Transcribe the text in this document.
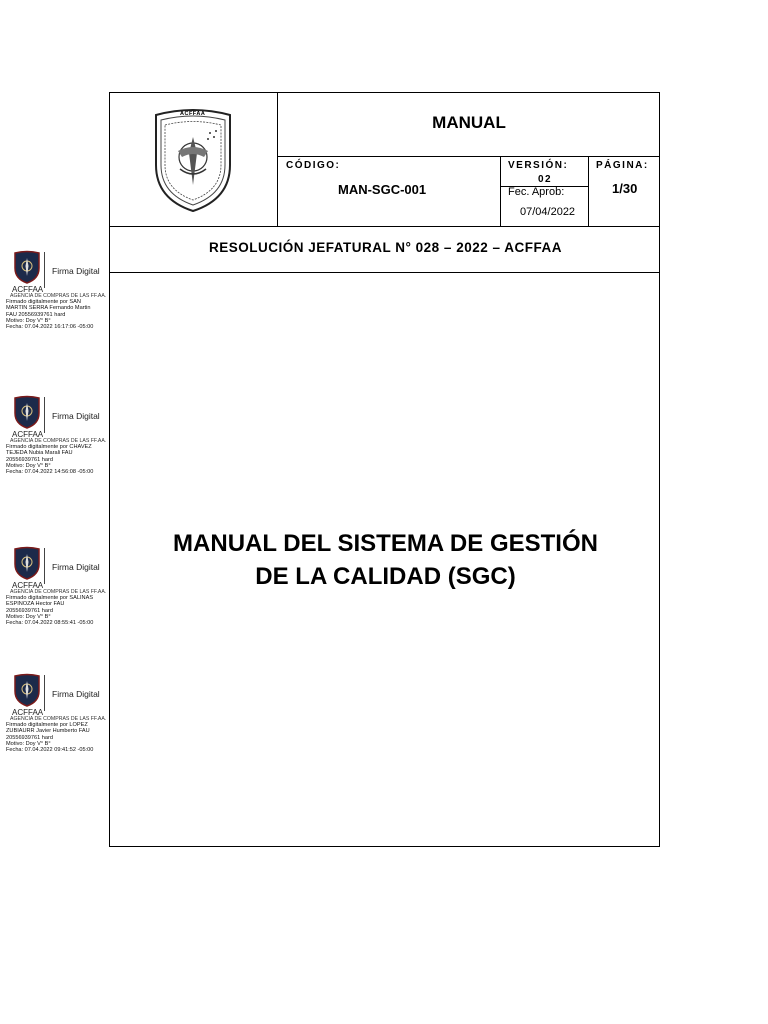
ACFFAA	MANUAL
CÓDIGO:
MAN-SGC-001
VERSIÓN:
02
Fec. Aprob:
07/04/2022
PÁGINA:
1/30
RESOLUCIÓN JEFATURAL N° 028 – 2022 – ACFFAA
MANUAL DEL SISTEMA DE GESTIÓN
DE LA CALIDAD (SGC)
Firma Digital
ACFFAA
AGENCIA DE COMPRAS DE LAS FF.AA.
Firmado digitalmente por SAN
MARTIN SERRA Fernando Martin
FAU 20556939761 hard
Motivo: Doy V° B°
Fecha: 07.04.2022 16:17:06 -05:00
Firma Digital
ACFFAA
AGENCIA DE COMPRAS DE LAS FF.AA.
Firmado digitalmente por CHAVEZ
TEJEDA Nubia Marali FAU
20556939761 hard
Motivo: Doy V° B°
Fecha: 07.04.2022 14:56:08 -05:00
Firma Digital
ACFFAA
AGENCIA DE COMPRAS DE LAS FF.AA.
Firmado digitalmente por SALINAS
ESPINOZA Hector FAU
20556939761 hard
Motivo: Doy V° B°
Fecha: 07.04.2022 08:55:41 -05:00
Firma Digital
ACFFAA
AGENCIA DE COMPRAS DE LAS FF.AA.
Firmado digitalmente por LOPEZ
ZUBIAURR Javier Humberto FAU
20556939761 hard
Motivo: Doy V° B°
Fecha: 07.04.2022 09:41:52 -05:00
